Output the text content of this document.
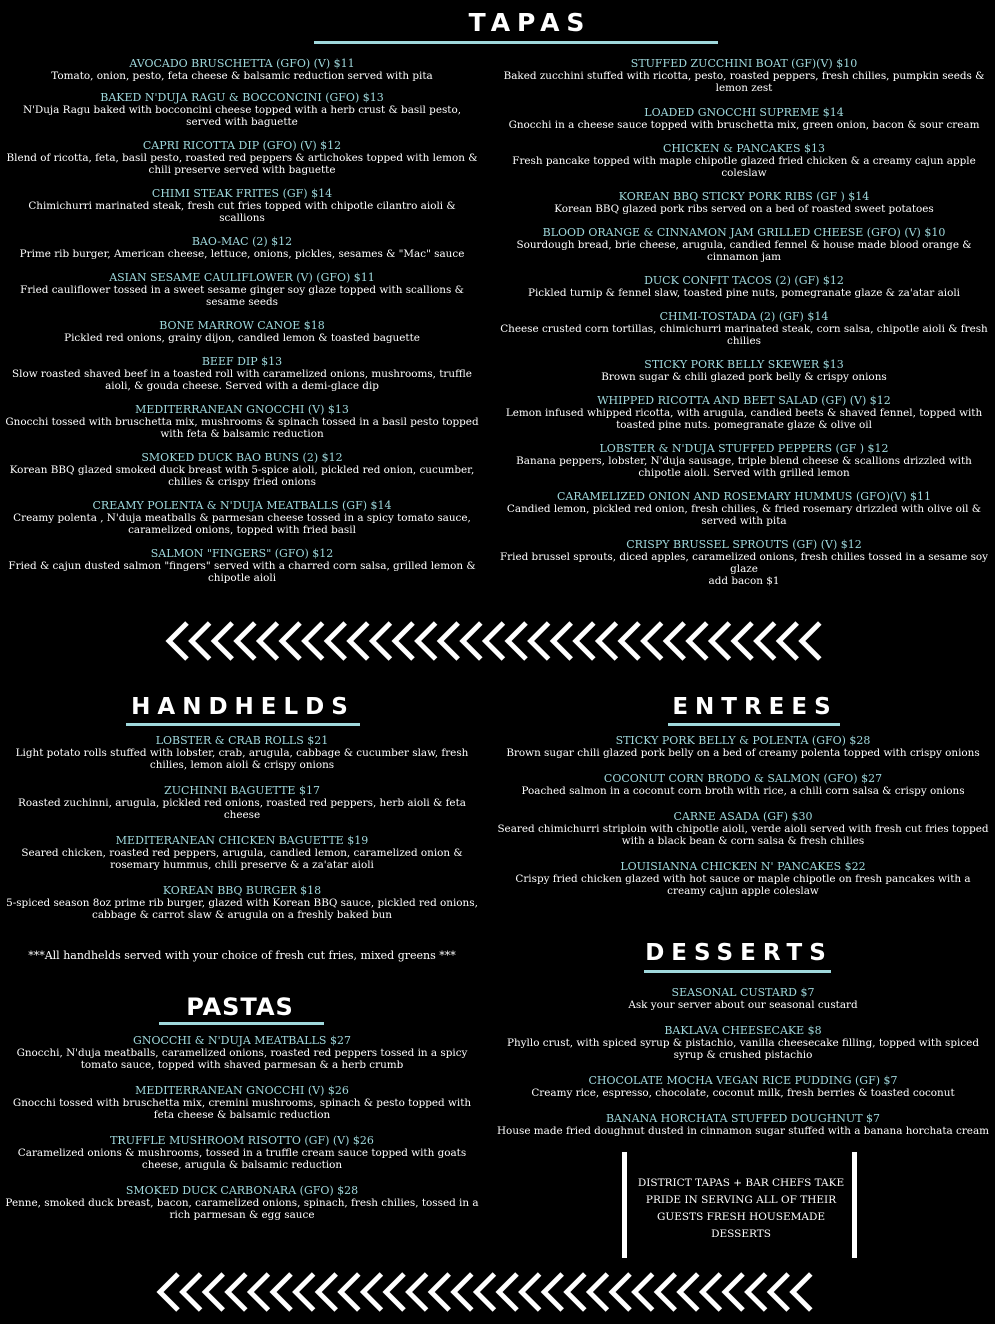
TAPAS
AVOCADO BRUSCHETTA (GFO) (V) $11
Tomato, onion, pesto, feta cheese & balsamic reduction served with pita
BAKED N'DUJA RAGU & BOCCONCINI (GFO) $13
N'Duja Ragu baked with bocconcini cheese topped with a herb crust & basil pesto, served with baguette
CAPRI RICOTTA DIP (GFO) (V) $12
Blend of ricotta, feta, basil pesto, roasted red peppers & artichokes topped with lemon & chili preserve served with baguette
CHIMI STEAK FRITES (GF) $14
Chimichurri marinated steak, fresh cut fries topped with chipotle cilantro aioli & scallions
BAO-MAC (2) $12
Prime rib burger, American cheese, lettuce, onions, pickles, sesames & "Mac" sauce
ASIAN SESAME CAULIFLOWER (V) (GFO) $11
Fried cauliflower tossed in a sweet sesame ginger soy glaze topped with scallions & sesame seeds
BONE MARROW CANOE $18
Pickled red onions, grainy dijon, candied lemon & toasted baguette
BEEF DIP $13
Slow roasted shaved beef in a toasted roll with caramelized onions, mushrooms, truffle aioli, & gouda cheese. Served with a demi-glace dip
MEDITERRANEAN GNOCCHI (V) $13
Gnocchi tossed with bruschetta mix, mushrooms & spinach tossed in a basil pesto topped with feta & balsamic reduction
SMOKED DUCK BAO BUNS (2) $12
Korean BBQ glazed smoked duck breast with 5-spice aioli, pickled red onion, cucumber, chilies & crispy fried onions
CREAMY POLENTA & N'DUJA MEATBALLS (GF) $14
Creamy polenta , N'duja meatballs & parmesan cheese tossed in a spicy tomato sauce, caramelized onions, topped with fried basil
SALMON "FINGERS" (GFO) $12
Fried & cajun dusted salmon "fingers" served with a charred corn salsa, grilled lemon & chipotle aioli
STUFFED ZUCCHINI BOAT (GF)(V) $10
Baked zucchini stuffed with ricotta, pesto, roasted peppers, fresh chilies, pumpkin seeds & lemon zest
LOADED GNOCCHI SUPREME $14
Gnocchi in a cheese sauce topped with bruschetta mix, green onion, bacon & sour cream
CHICKEN & PANCAKES $13
Fresh pancake topped with maple chipotle glazed fried chicken & a creamy cajun apple coleslaw
KOREAN BBQ STICKY PORK RIBS (GF ) $14
Korean BBQ glazed pork ribs served on a bed of roasted sweet potatoes
BLOOD ORANGE & CINNAMON JAM GRILLED CHEESE (GFO) (V) $10
Sourdough bread, brie cheese, arugula, candied fennel & house made blood orange & cinnamon jam
DUCK CONFIT TACOS (2) (GF) $12
Pickled turnip & fennel slaw, toasted pine nuts, pomegranate glaze & za'atar aioli
CHIMI-TOSTADA (2) (GF) $14
Cheese crusted corn tortillas, chimichurri marinated steak, corn salsa, chipotle aioli & fresh chilies
STICKY PORK BELLY SKEWER $13
Brown sugar & chili glazed pork belly & crispy onions
WHIPPED RICOTTA AND BEET SALAD (GF) (V) $12
Lemon infused whipped ricotta, with arugula, candied beets & shaved fennel, topped with toasted pine nuts. pomegranate glaze & olive oil
LOBSTER & N'DUJA STUFFED PEPPERS (GF ) $12
Banana peppers, lobster, N'duja sausage, triple blend cheese & scallions drizzled with chipotle aioli. Served with grilled lemon
CARAMELIZED ONION AND ROSEMARY HUMMUS (GFO)(V) $11
Candied lemon, pickled red onion, fresh chilies, & fried rosemary drizzled with olive oil & served with pita
CRISPY BRUSSEL SPROUTS (GF) (V) $12
Fried brussel sprouts, diced apples, caramelized onions, fresh chilies tossed in a sesame soy glaze
add bacon $1
HANDHELDS
LOBSTER & CRAB ROLLS $21
Light potato rolls stuffed with lobster, crab, arugula, cabbage & cucumber slaw, fresh chilies, lemon aioli & crispy onions
ZUCHINNI BAGUETTE $17
Roasted zuchinni, arugula, pickled red onions, roasted red peppers, herb aioli & feta cheese
MEDITERANEAN CHICKEN BAGUETTE $19
Seared chicken, roasted red peppers, arugula, candied lemon, caramelized onion & rosemary hummus, chili preserve & a za'atar aioli
KOREAN BBQ BURGER $18
5-spiced season 8oz prime rib burger, glazed with Korean BBQ sauce, pickled red onions, cabbage & carrot slaw & arugula on a freshly baked bun
***All handhelds served with your choice of fresh cut fries, mixed greens ***
PASTAS
GNOCCHI & N'DUJA MEATBALLS $27
Gnocchi, N'duja meatballs, caramelized onions, roasted red peppers tossed in a spicy tomato sauce, topped with shaved parmesan & a herb crumb
MEDITERRANEAN GNOCCHI (V) $26
Gnocchi tossed with bruschetta mix, cremini mushrooms, spinach & pesto topped with feta cheese & balsamic reduction
TRUFFLE MUSHROOM RISOTTO (GF) (V) $26
Caramelized onions & mushrooms, tossed in a truffle cream sauce topped with goats cheese, arugula & balsamic reduction
SMOKED DUCK CARBONARA (GFO) $28
Penne, smoked duck breast, bacon, caramelized onions, spinach, fresh chilies, tossed in a rich parmesan & egg sauce
ENTREES
STICKY PORK BELLY & POLENTA (GFO) $28
Brown sugar chili glazed pork belly on a bed of creamy polenta topped with crispy onions
COCONUT CORN BRODO & SALMON (GFO) $27
Poached salmon in a coconut corn broth with rice, a chili corn salsa & crispy onions
CARNE ASADA (GF) $30
Seared chimichurri striploin with chipotle aioli, verde aioli served with fresh cut fries topped with a black bean & corn salsa & fresh chilies
LOUISIANNA CHICKEN N' PANCAKES $22
Crispy fried chicken glazed with hot sauce or maple chipotle on fresh pancakes with a creamy cajun apple coleslaw
DESSERTS
SEASONAL CUSTARD $7
Ask your server about our seasonal custard
BAKLAVA CHEESECAKE $8
Phyllo crust, with spiced syrup & pistachio, vanilla cheesecake filling, topped with spiced syrup & crushed pistachio
CHOCOLATE MOCHA VEGAN RICE PUDDING (GF) $7
Creamy rice, espresso, chocolate, coconut milk, fresh berries & toasted coconut
BANANA HORCHATA STUFFED DOUGHNUT $7
House made fried doughnut dusted in cinnamon sugar stuffed with a banana horchata cream
DISTRICT TAPAS + BAR CHEFS TAKE PRIDE IN SERVING ALL OF THEIR GUESTS FRESH HOUSEMADE DESSERTS
